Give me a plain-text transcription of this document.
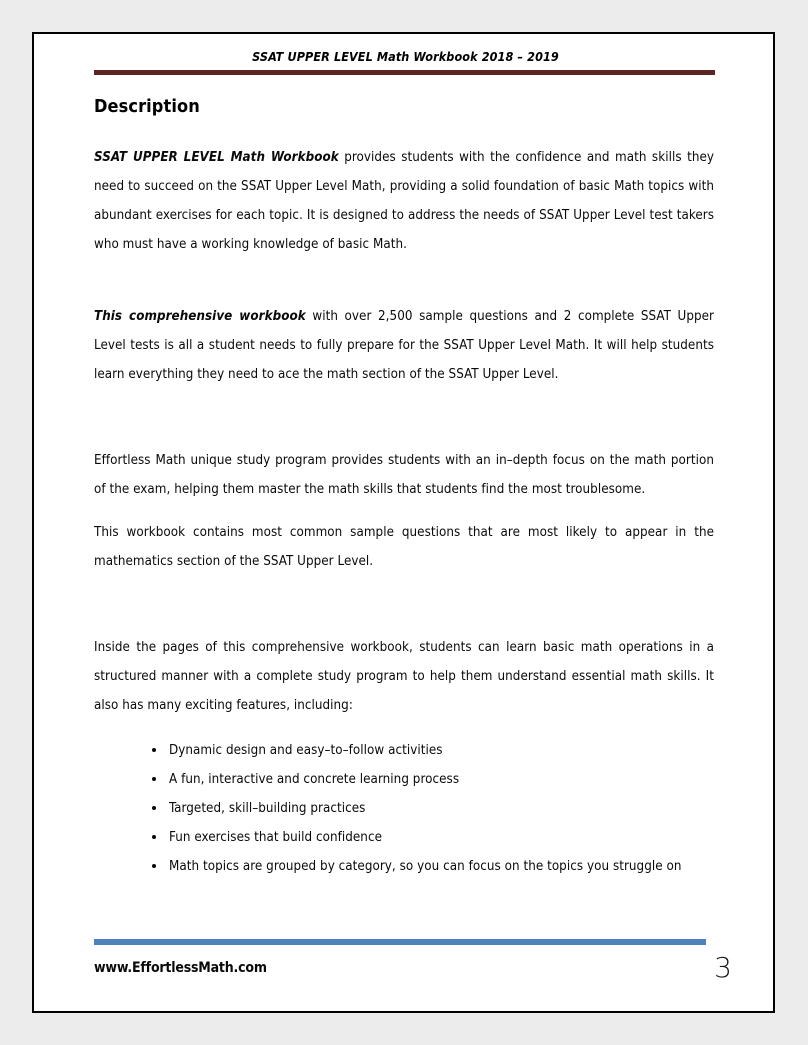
SSAT UPPER LEVEL Math Workbook 2018 – 2019
Description

SSAT UPPER LEVEL Math Workbook provides students with the confidence and math skills they need to succeed on the SSAT Upper Level Math, providing a solid foundation of basic Math topics with abundant exercises for each topic. It is designed to address the needs of SSAT Upper Level test takers who must have a working knowledge of basic Math.

This comprehensive workbook with over 2,500 sample questions and 2 complete SSAT Upper Level tests is all a student needs to fully prepare for the SSAT Upper Level Math. It will help students learn everything they need to ace the math section of the SSAT Upper Level.

Effortless Math unique study program provides students with an in–depth focus on the math portion of the exam, helping them master the math skills that students find the most troublesome.

This workbook contains most common sample questions that are most likely to appear in the mathematics section of the SSAT Upper Level.

Inside the pages of this comprehensive workbook, students can learn basic math operations in a structured manner with a complete study program to help them understand essential math skills. It also has many exciting features, including:

Dynamic design and easy–to–follow activities
A fun, interactive and concrete learning process
Targeted, skill–building practices
Fun exercises that build confidence
Math topics are grouped by category, so you can focus on the topics you struggle on
www.EffortlessMath.com	3
